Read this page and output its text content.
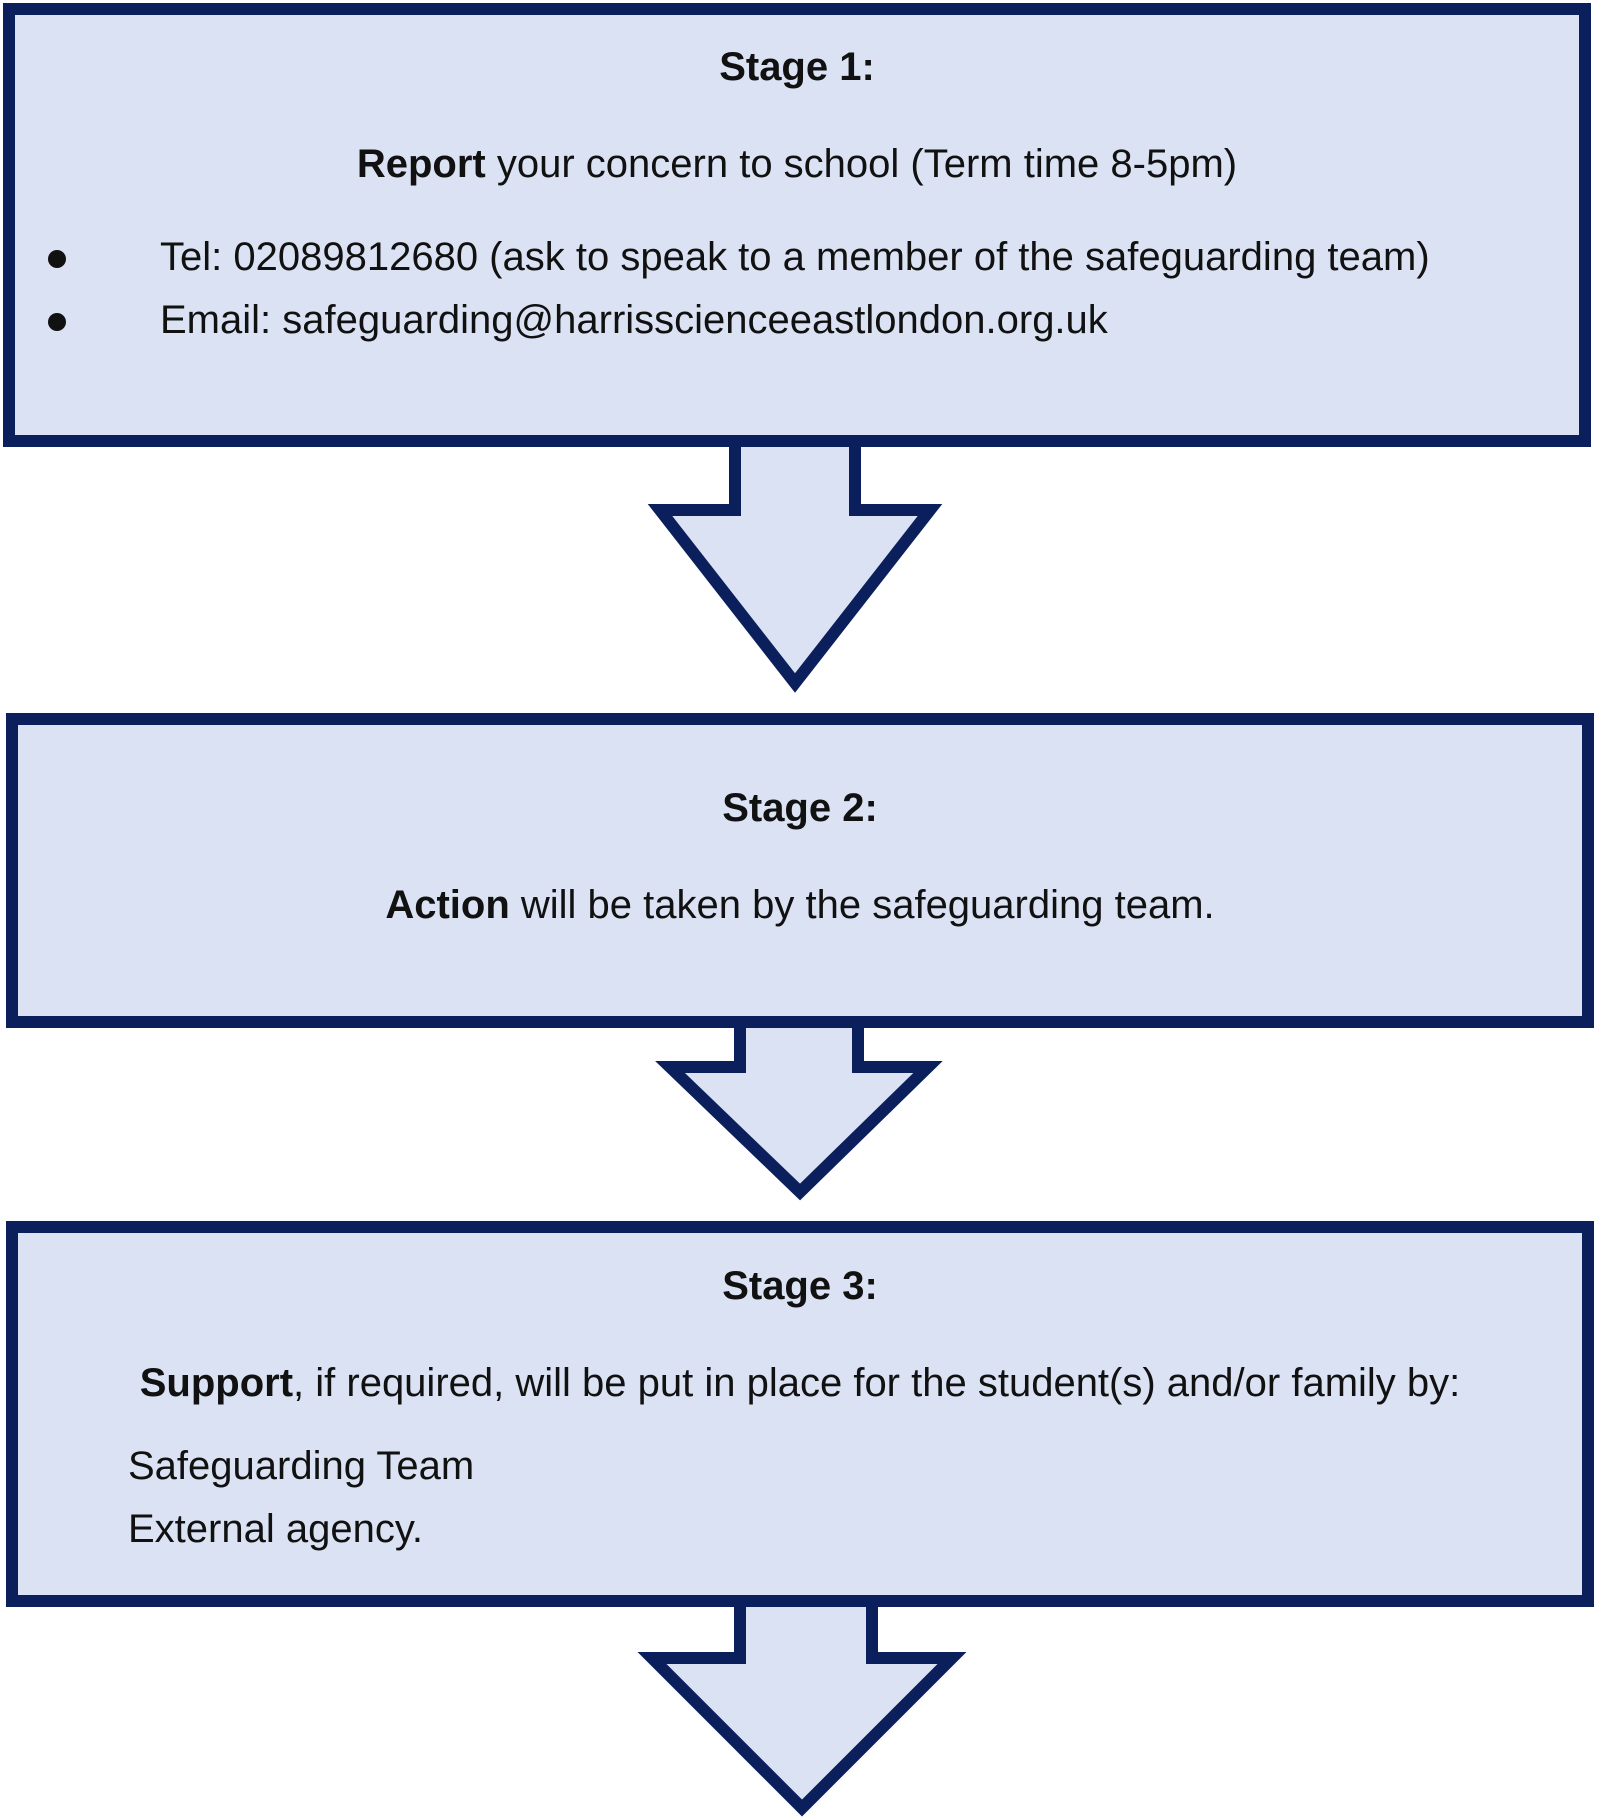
Stage 1:

Report your concern to school (Term time 8-5pm)

Tel: 02089812680 (ask to speak to a member of the safeguarding team)
Email: safeguarding@harrisscienceeastlondon.org.uk

Stage 2:

Action will be taken by the safeguarding team.

Stage 3:

Support, if required, will be put in place for the student(s) and/or family by:

Safeguarding Team
External agency.
